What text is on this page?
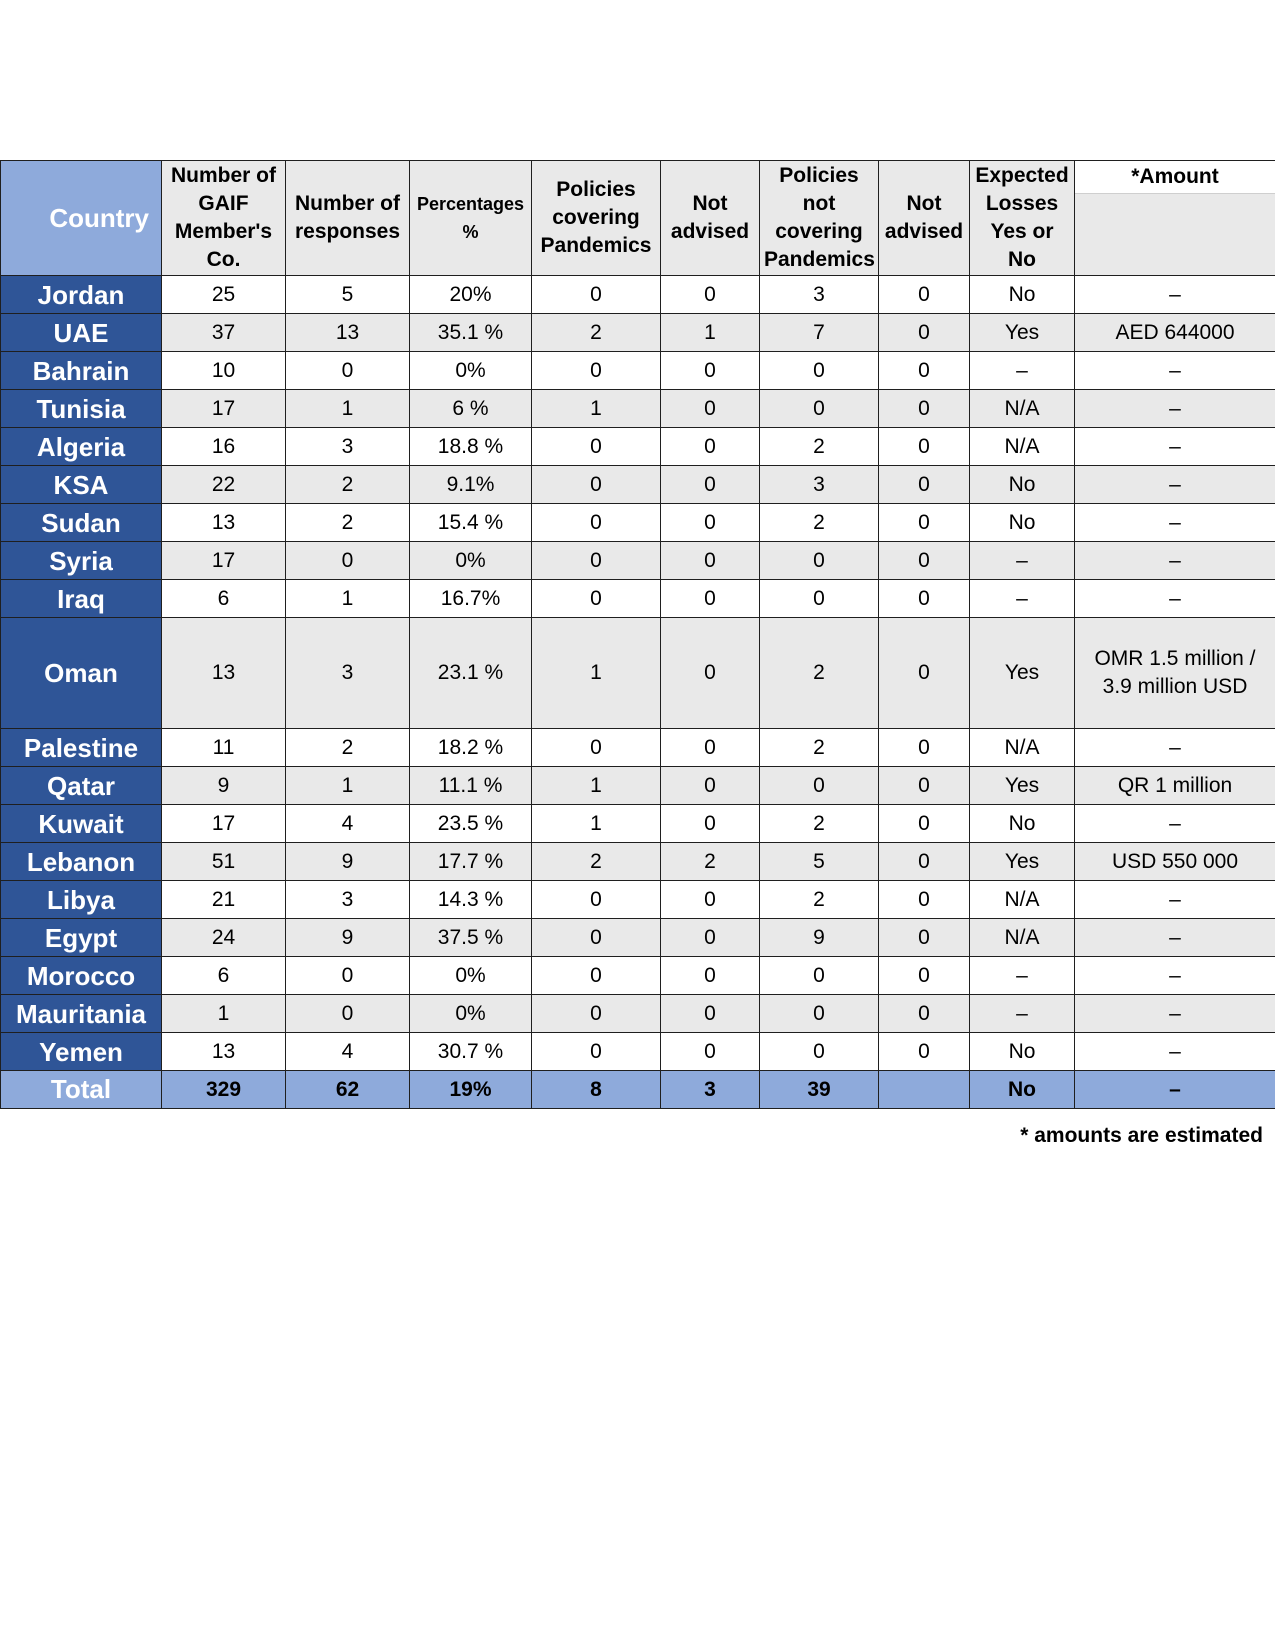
Country	Number of GAIF Member's Co.	Number of responses	Percentages %	Policies covering Pandemics	Not advised	Policies not covering Pandemics	Not advised	Expected Losses Yes or No	*Amount

Jordan	25	5	20%	0	0	3	0	No	–
UAE	37	13	35.1 %	2	1	7	0	Yes	AED 644000
Bahrain	10	0	0%	0	0	0	0	–	–
Tunisia	17	1	6 %	1	0	0	0	N/A	–
Algeria	16	3	18.8 %	0	0	2	0	N/A	–
KSA	22	2	9.1%	0	0	3	0	No	–
Sudan	13	2	15.4 %	0	0	2	0	No	–
Syria	17	0	0%	0	0	0	0	–	–
Iraq	6	1	16.7%	0	0	0	0	–	–
Oman	13	3	23.1 %	1	0	2	0	Yes	OMR 1.5 million / 3.9 million USD
Palestine	11	2	18.2 %	0	0	2	0	N/A	–
Qatar	9	1	11.1 %	1	0	0	0	Yes	QR 1 million
Kuwait	17	4	23.5 %	1	0	2	0	No	–
Lebanon	51	9	17.7 %	2	2	5	0	Yes	USD 550 000
Libya	21	3	14.3 %	0	0	2	0	N/A	–
Egypt	24	9	37.5 %	0	0	9	0	N/A	–
Morocco	6	0	0%	0	0	0	0	–	–
Mauritania	1	0	0%	0	0	0	0	–	–
Yemen	13	4	30.7 %	0	0	0	0	No	–
Total	329	62	19%	8	3	39		No	–
* amounts are estimated
